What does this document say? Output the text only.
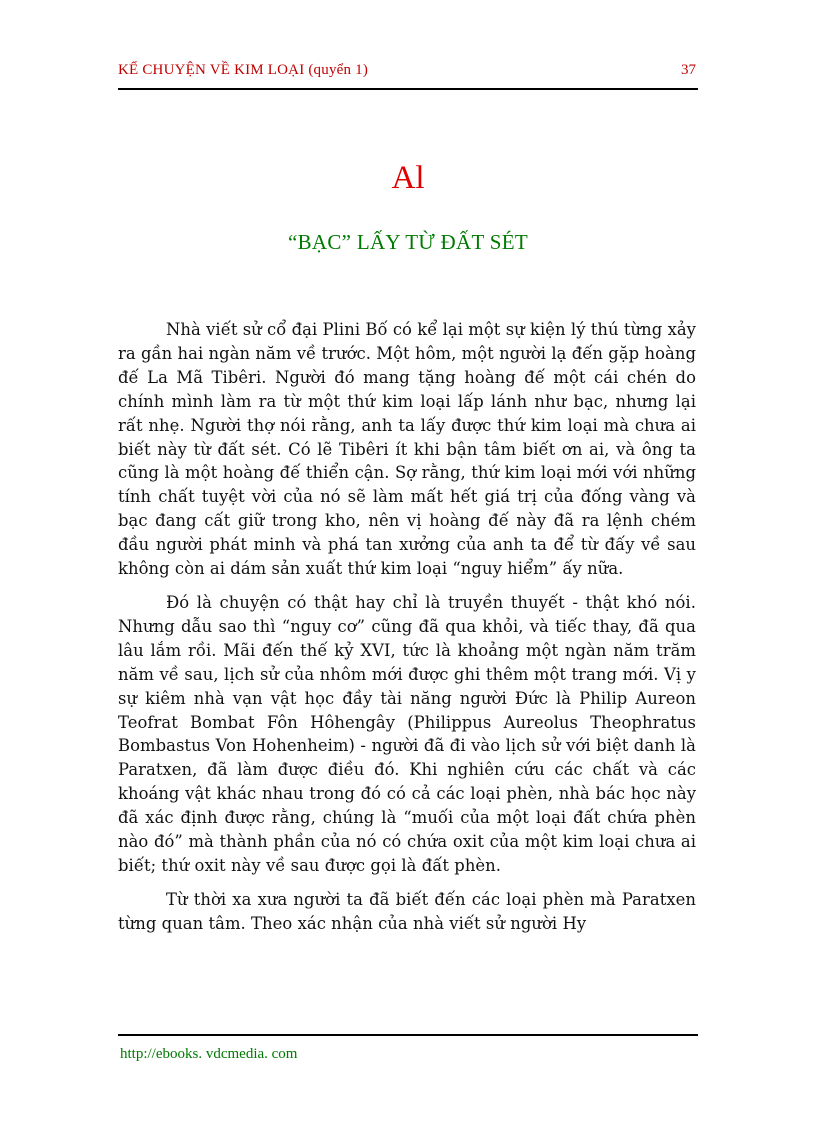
KỂ CHUYỆN VỀ KIM LOẠI (quyển 1)	37
Al
“BẠC” LẤY TỪ ĐẤT SÉT

Nhà viết sử cổ đại Plini Bố có kể lại một sự kiện lý thú từng xảy ra gần hai ngàn năm về trước. Một hôm, một người lạ đến gặp hoàng đế La Mã Tibêri. Người đó mang tặng hoàng đế một cái chén do chính mình làm ra từ một thứ kim loại lấp lánh như bạc, nhưng lại rất nhẹ. Người thợ nói rằng, anh ta lấy được thứ kim loại mà chưa ai biết này từ đất sét. Có lẽ Tibêri ít khi bận tâm biết ơn ai, và ông ta cũng là một hoàng đế thiển cận. Sợ rằng, thứ kim loại mới với những tính chất tuyệt vời của nó sẽ làm mất hết giá trị của đống vàng và bạc đang cất giữ trong kho, nên vị hoàng đế này đã ra lệnh chém đầu người phát minh và phá tan xưởng của anh ta để từ đấy về sau không còn ai dám sản xuất thứ kim loại “nguy hiểm” ấy nữa.

Đó là chuyện có thật hay chỉ là truyền thuyết - thật khó nói. Nhưng dẫu sao thì “nguy cơ” cũng đã qua khỏi, và tiếc thay, đã qua lâu lắm rồi. Mãi đến thế kỷ XVI, tức là khoảng một ngàn năm trăm năm về sau, lịch sử của nhôm mới được ghi thêm một trang mới. Vị y sự kiêm nhà vạn vật học đầy tài năng người Đức là Philip Aureon Teofrat Bombat Fôn Hôhengây (Philippus Aureolus Theophratus Bombastus Von Hohenheim) - người đã đi vào lịch sử với biệt danh là Paratxen, đã làm được điều đó. Khi nghiên cứu các chất và các khoáng vật khác nhau trong đó có cả các loại phèn, nhà bác học này đã xác định được rằng, chúng là “muối của một loại đất chứa phèn nào đó” mà thành phần của nó có chứa oxit của một kim loại chưa ai biết; thứ oxit này về sau được gọi là đất phèn.

Từ thời xa xưa người ta đã biết đến các loại phèn mà Paratxen từng quan tâm. Theo xác nhận của nhà viết sử người Hy

http://ebooks. vdcmedia. com
